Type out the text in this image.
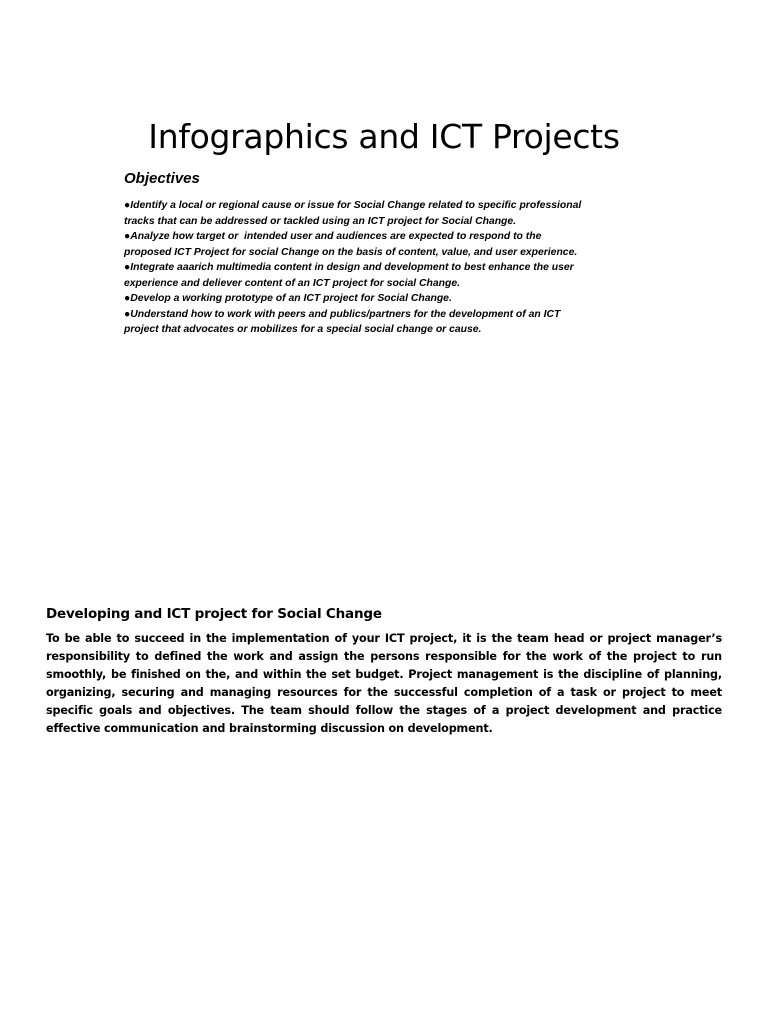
Infographics and ICT Projects
Objectives
●Identify a local or regional cause or issue for Social Change related to specific professional
tracks that can be addressed or tackled using an ICT project for Social Change.
●Analyze how target or  intended user and audiences are expected to respond to the
proposed ICT Project for social Change on the basis of content, value, and user experience.
●Integrate aaarich multimedia content in design and development to best enhance the user
experience and deliever content of an ICT project for social Change.
●Develop a working prototype of an ICT project for Social Change.
●Understand how to work with peers and publics/partners for the development of an ICT
project that advocates or mobilizes for a special social change or cause.
Developing and ICT project for Social Change

To be able to succeed in the implementation of your ICT project, it is the team head or project manager’s responsibility to defined the work and assign the persons responsible for the work of the project to run smoothly, be finished on the, and within the set budget. Project management is the discipline of planning, organizing, securing and managing resources for the successful completion of a task or project to meet specific goals and objectives. The team should follow the stages of a project development and practice effective communication and brainstorming discussion on development.
